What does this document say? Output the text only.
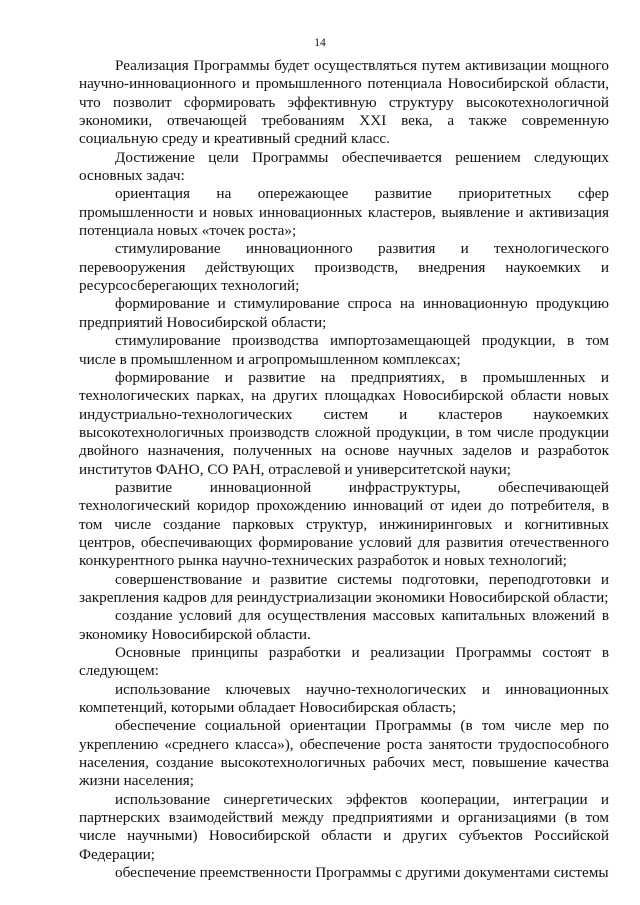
14

Реализация Программы будет осуществляться путем активизации мощного научно-инновационного и промышленного потенциала Новосибирской области, что позволит сформировать эффективную структуру высокотехнологичной экономики, отвечающей требованиям XXI века, а также современную социальную среду и креативный средний класс.

Достижение цели Программы обеспечивается решением следующих основных задач:

ориентация на опережающее развитие приоритетных сфер промышленности и новых инновационных кластеров, выявление и активизация потенциала новых «точек роста»;

стимулирование инновационного развития и технологического перевооружения действующих производств, внедрения наукоемких и ресурсосберегающих технологий;

формирование и стимулирование спроса на инновационную продукцию предприятий Новосибирской области;

стимулирование производства импортозамещающей продукции, в том числе в промышленном и агропромышленном комплексах;

формирование и развитие на предприятиях, в промышленных и технологических парках, на других площадках Новосибирской области новых индустриально-технологических систем и кластеров наукоемких высокотехнологичных производств сложной продукции, в том числе продукции двойного назначения, полученных на основе научных заделов и разработок институтов ФАНО, СО РАН, отраслевой и университетской науки;

развитие инновационной инфраструктуры, обеспечивающей технологический коридор прохождению инноваций от идеи до потребителя, в том числе создание парковых структур, инжиниринговых и когнитивных центров, обеспечивающих формирование условий для развития отечественного конкурентного рынка научно-технических разработок и новых технологий;

совершенствование и развитие системы подготовки, переподготовки и закрепления кадров для реиндустриализации экономики Новосибирской области;

создание условий для осуществления массовых капитальных вложений в экономику Новосибирской области.

Основные принципы разработки и реализации Программы состоят в следующем:

использование ключевых научно-технологических и инновационных компетенций, которыми обладает Новосибирская область;

обеспечение социальной ориентации Программы (в том числе мер по укреплению «среднего класса»), обеспечение роста занятости трудоспособного населения, создание высокотехнологичных рабочих мест, повышение качества жизни населения;

использование синергетических эффектов кооперации, интеграции и партнерских взаимодействий между предприятиями и организациями (в том числе научными) Новосибирской области и других субъектов Российской Федерации;

обеспечение преемственности Программы с другими документами системы
